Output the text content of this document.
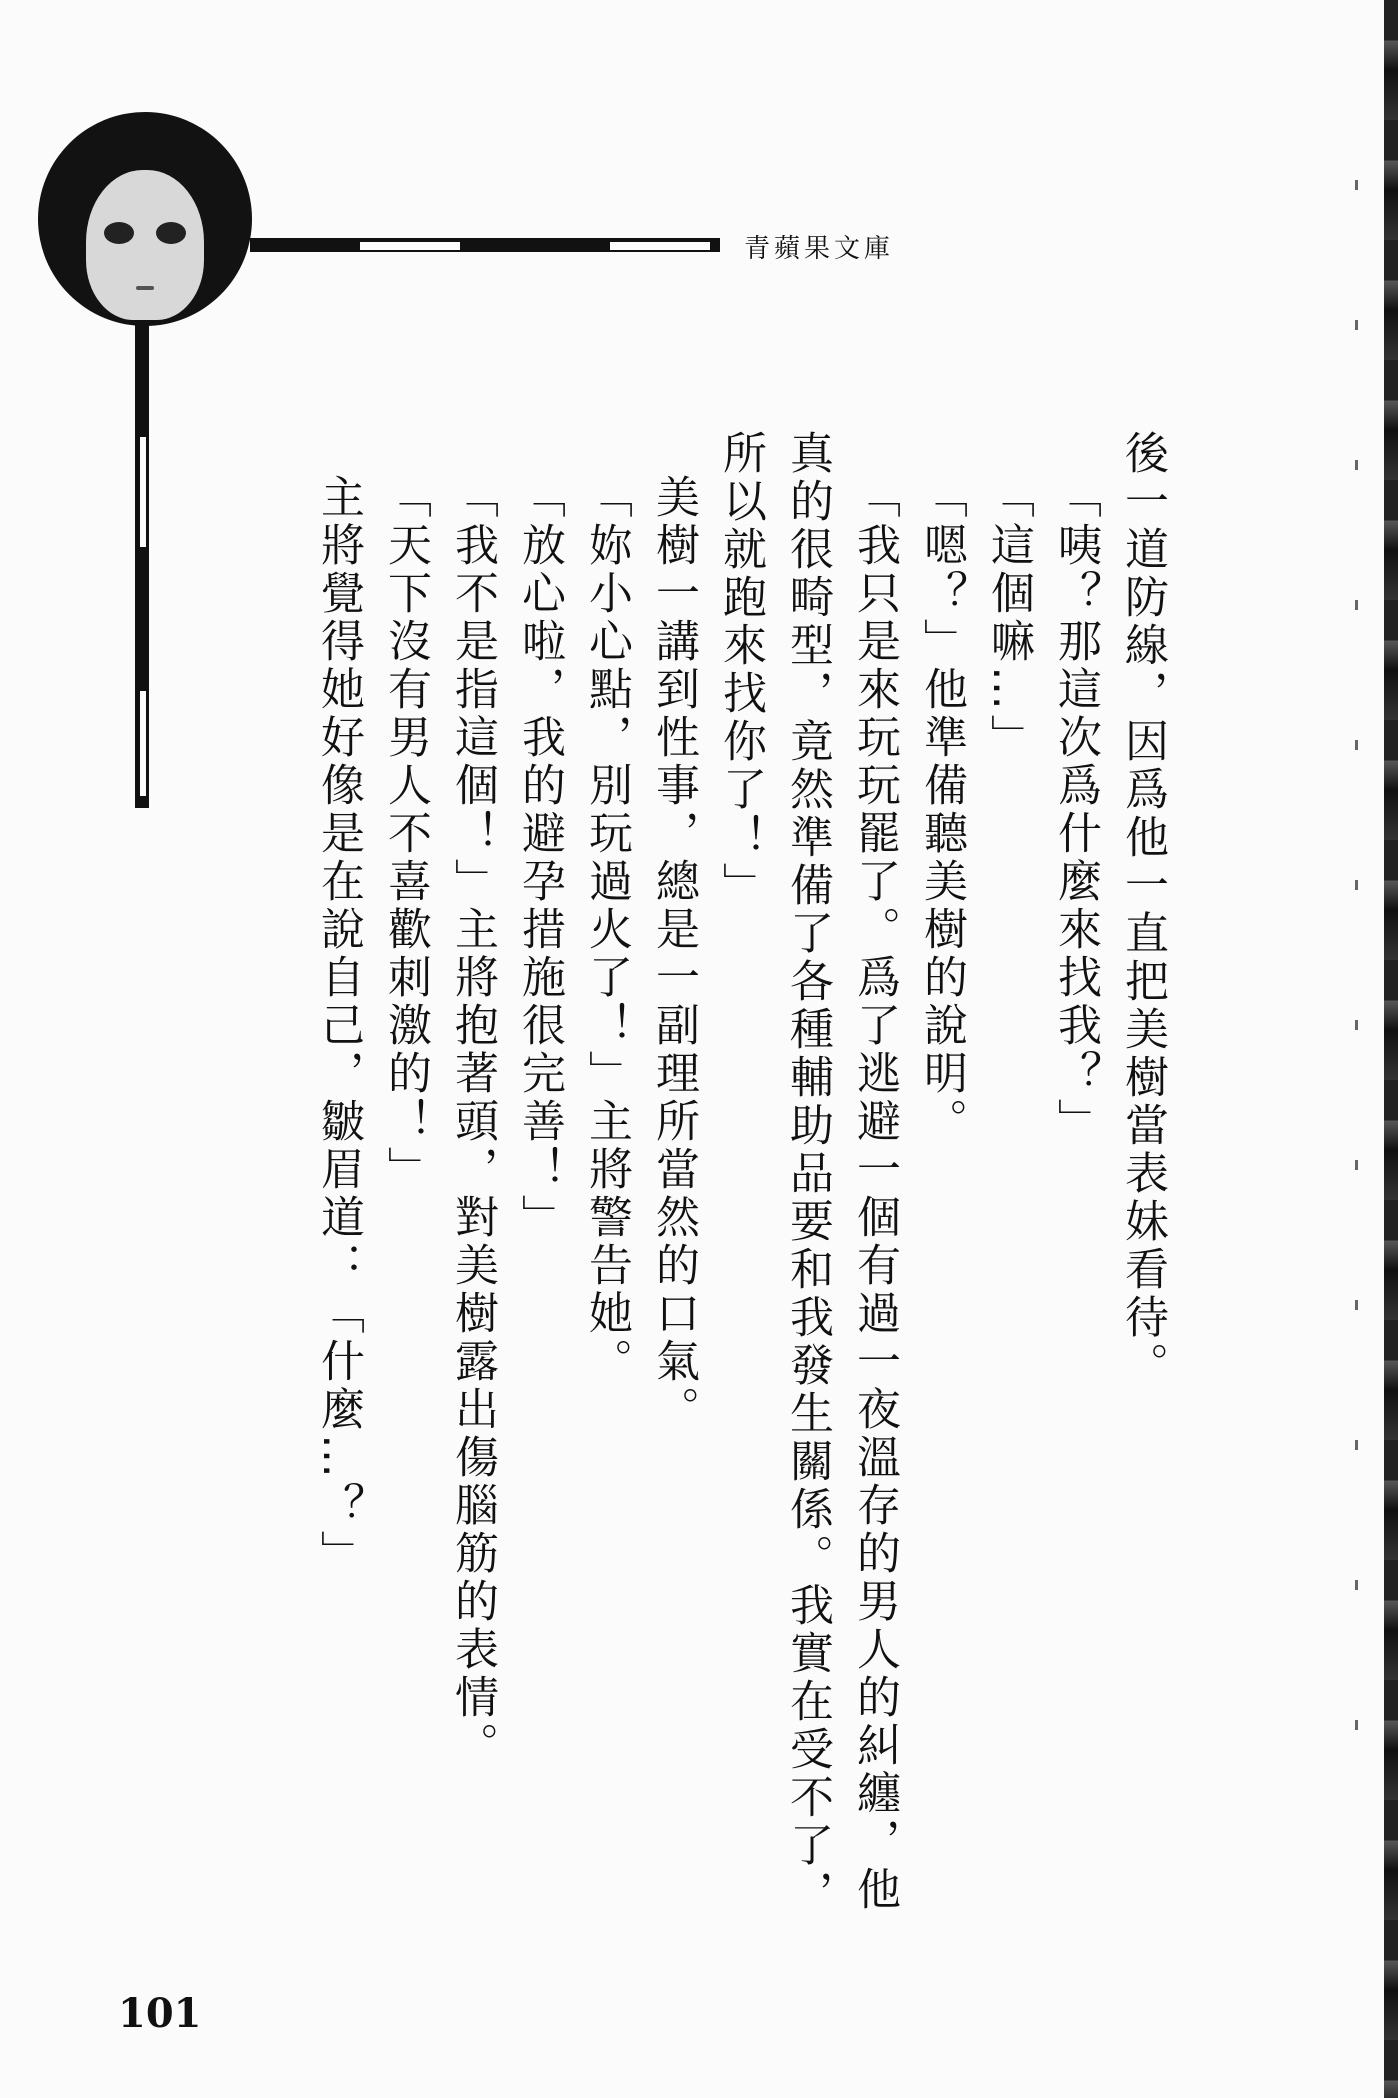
青蘋果文庫

後一道防線，因爲他一直把美樹當表妹看待。

「咦？那這次爲什麼來找我？」

「這個嘛…」

「嗯？」他準備聽美樹的說明。

「我只是來玩玩罷了。爲了逃避一個有過一夜溫存的男人的糾纏，他真的很畸型，竟然準備了各種輔助品要和我發生關係。我實在受不了，所以就跑來找你了！」

美樹一講到性事，總是一副理所當然的口氣。

「妳小心點，別玩過火了！」主將警告她。

「放心啦，我的避孕措施很完善！」

「我不是指這個！」主將抱著頭，對美樹露出傷腦筋的表情。

「天下沒有男人不喜歡刺激的！」

主將覺得她好像是在說自己，皺眉道：「什麼…？」

101
